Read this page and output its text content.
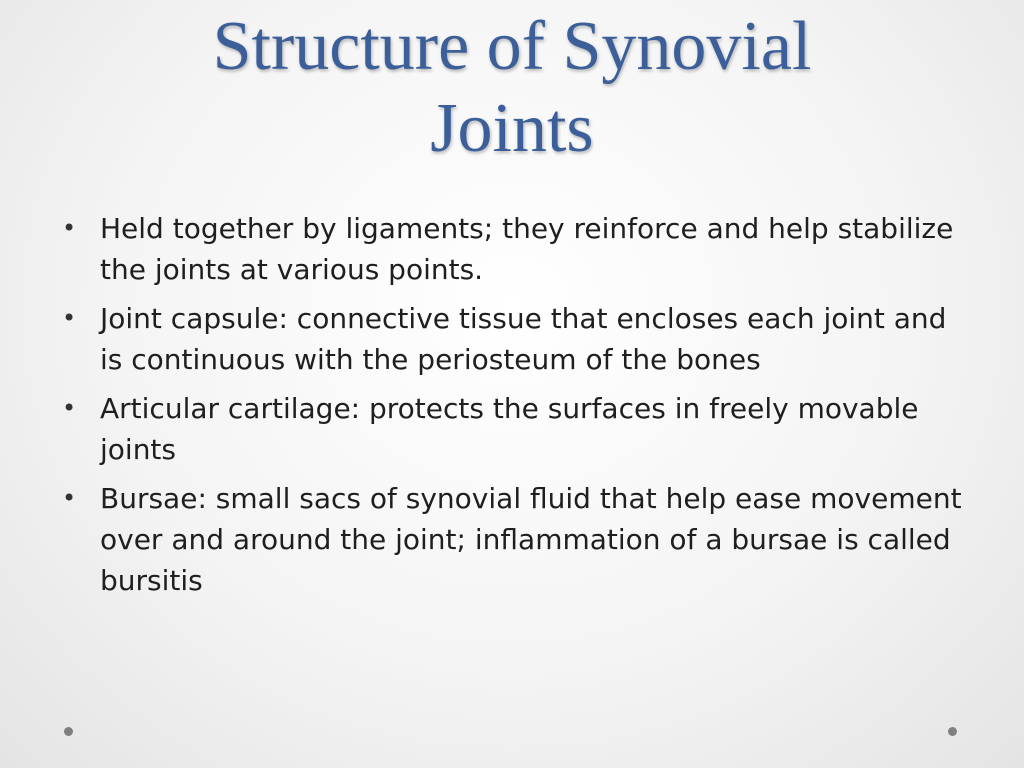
Structure of Synovial
Joints
• Held together by ligaments; they reinforce and help stabilize the joints at various points.
• Joint capsule: connective tissue that encloses each joint and is continuous with the periosteum of the bones
• Articular cartilage: protects the surfaces in freely movable joints
• Bursae: small sacs of synovial fluid that help ease movement over and around the joint; inflammation of a bursae is called bursitis
